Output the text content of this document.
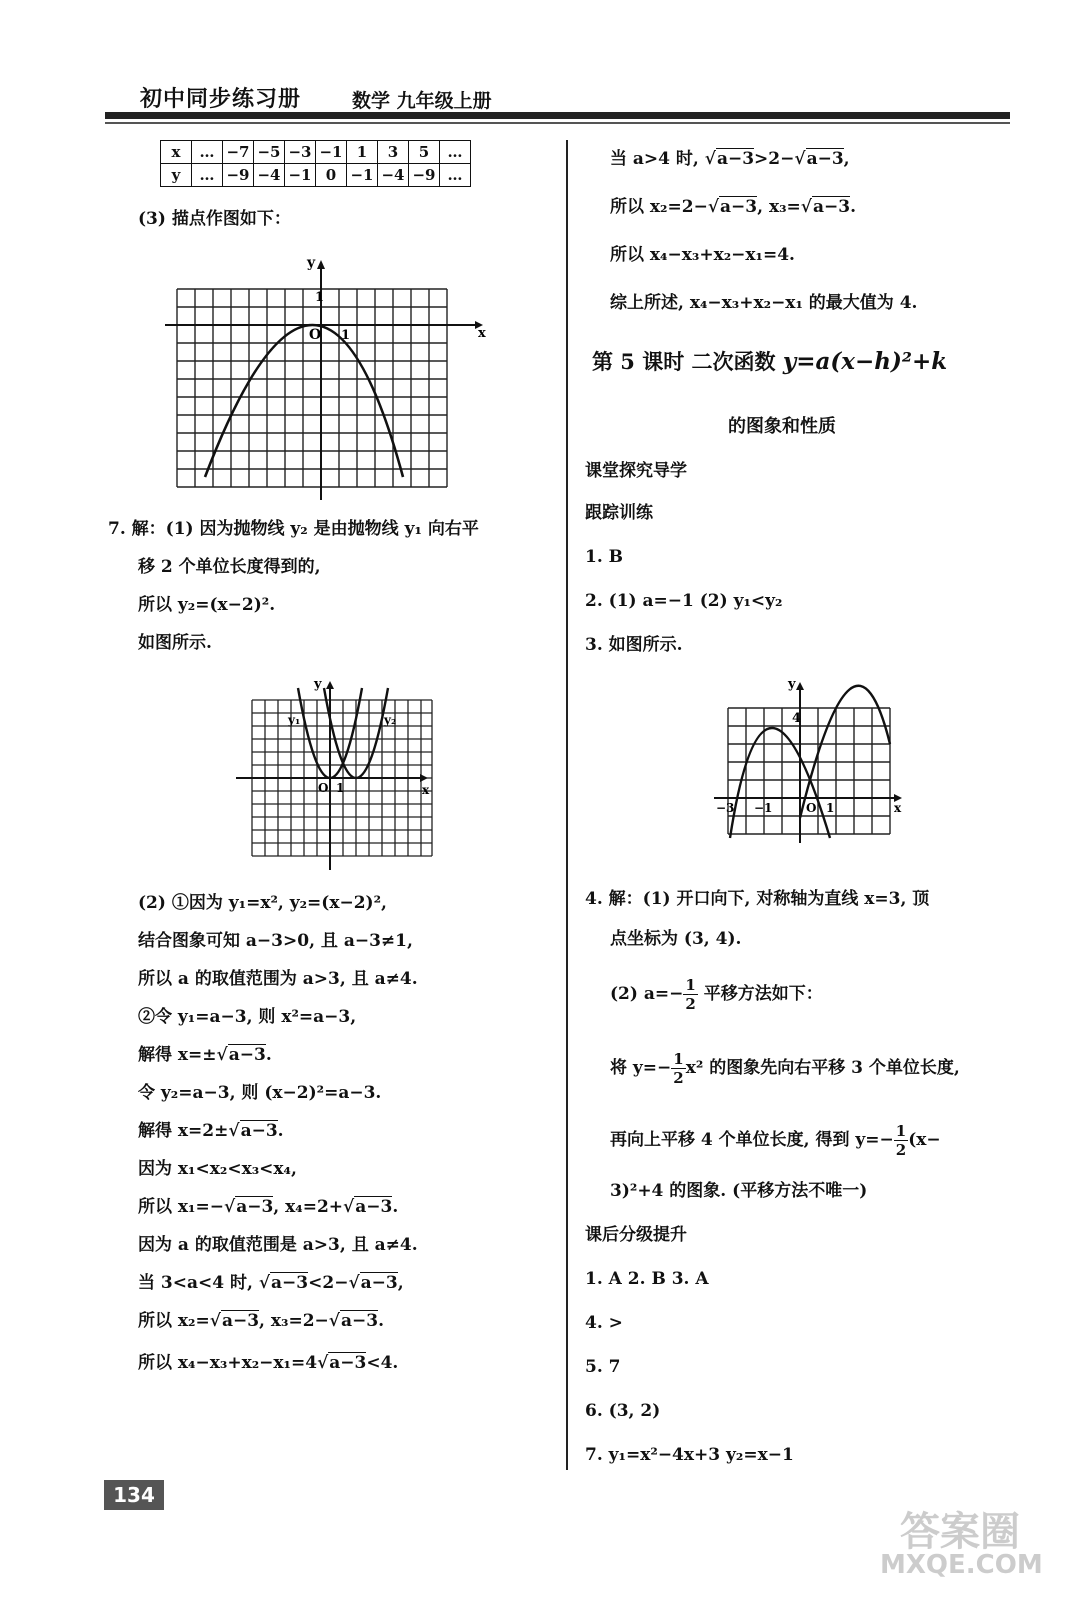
初中同步练习册	数学 九年级上册
x	…	−7	−5	−3	−1	1	3	5	…
y	…	−9	−4	−1	0	−1	−4	−9	…
(3) 描点作图如下：
y
x
1
O 1
7. 解：(1) 因为抛物线 y₂ 是由抛物线 y₁ 向右平
移 2 个单位长度得到的,
所以 y₂=(x−2)².
如图所示.
y
x
y₁	y₂
O 1
(2) ①因为 y₁=x², y₂=(x−2)²,
结合图象可知 a−3>0, 且 a−3≠1,
所以 a 的取值范围为 a>3, 且 a≠4.
②令 y₁=a−3, 则 x²=a−3,
解得 x=±√a−3.
令 y₂=a−3, 则 (x−2)²=a−3.
解得 x=2±√a−3.
因为 x₁<x₂<x₃<x₄,
所以 x₁=−√a−3, x₄=2+√a−3.
因为 a 的取值范围是 a>3, 且 a≠4.
当 3<a<4 时, √a−3<2−√a−3,
所以 x₂=√a−3, x₃=2−√a−3.
所以 x₄−x₃+x₂−x₁=4√a−3<4.
当 a>4 时, √a−3>2−√a−3,
所以 x₂=2−√a−3, x₃=√a−3.
所以 x₄−x₃+x₂−x₁=4.
综上所述, x₄−x₃+x₂−x₁ 的最大值为 4.
第 5 课时 二次函数 y=a(x−h)²+k
的图象和性质
课堂探究导学
跟踪训练
1. B
2. (1) a=−1 (2) y₁<y₂
3. 如图所示.
y
x
4
−3 −1	O 1
4. 解：(1) 开口向下, 对称轴为直线 x=3, 顶
点坐标为 (3, 4).
(2) $a=- \frac{1}{2}$ 平移方法如下：
将 $y=- \frac{1}{2} x^2$ 的图象先向右平移 3 个单位长度,
再向上平移 4 个单位长度, 得到 $y=- \frac{1}{2} (x-$
3)²+4 的图象. (平移方法不唯一)
课后分级提升
1. A 2. B 3. A
4. >
5. 7
6. (3, 2)
7. y₁=x²−4x+3 y₂=x−1
134
答案圈
MXQE.COM
